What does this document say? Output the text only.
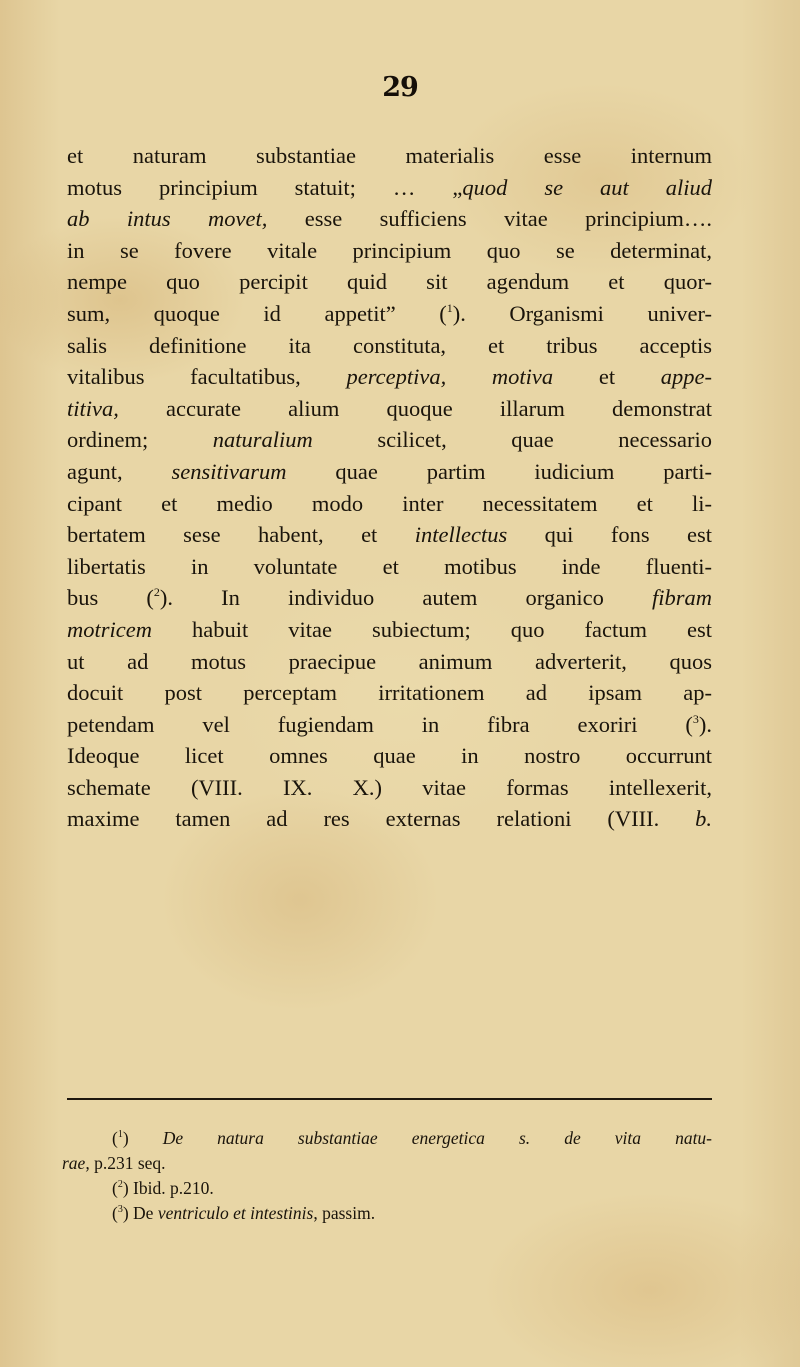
29
et naturam substantiae materialis esse internum
motus principium statuit; … „quod se aut aliud
ab intus movet, esse sufficiens vitae principium….
in se fovere vitale principium quo se determinat,
nempe quo percipit quid sit agendum et quor-
sum, quoque id appetit” ($^1$). Organismi univer-
salis definitione ita constituta, et tribus acceptis
vitalibus facultatibus, perceptiva, motiva et appe-
titiva, accurate alium quoque illarum demonstrat
ordinem; naturalium scilicet, quae necessario
agunt, sensitivarum quae partim iudicium parti-
cipant et medio modo inter necessitatem et li-
bertatem sese habent, et intellectus qui fons est
libertatis in voluntate et motibus inde fluenti-
bus ($^2$). In individuo autem organico fibram
motricem habuit vitae subiectum; quo factum est
ut ad motus praecipue animum adverterit, quos
docuit post perceptam irritationem ad ipsam ap-
petendam vel fugiendam in fibra exoriri ($^3$).
Ideoque licet omnes quae in nostro occurrunt
schemate (VIII. IX. X.) vitae formas intellexerit,
maxime tamen ad res externas relationi (VIII. b.
($^1$) De natura substantiae energetica s. de vita natu-
rae, p.231 seq.
($^2$) Ibid. p.210.
($^3$) De ventriculo et intestinis, passim.
